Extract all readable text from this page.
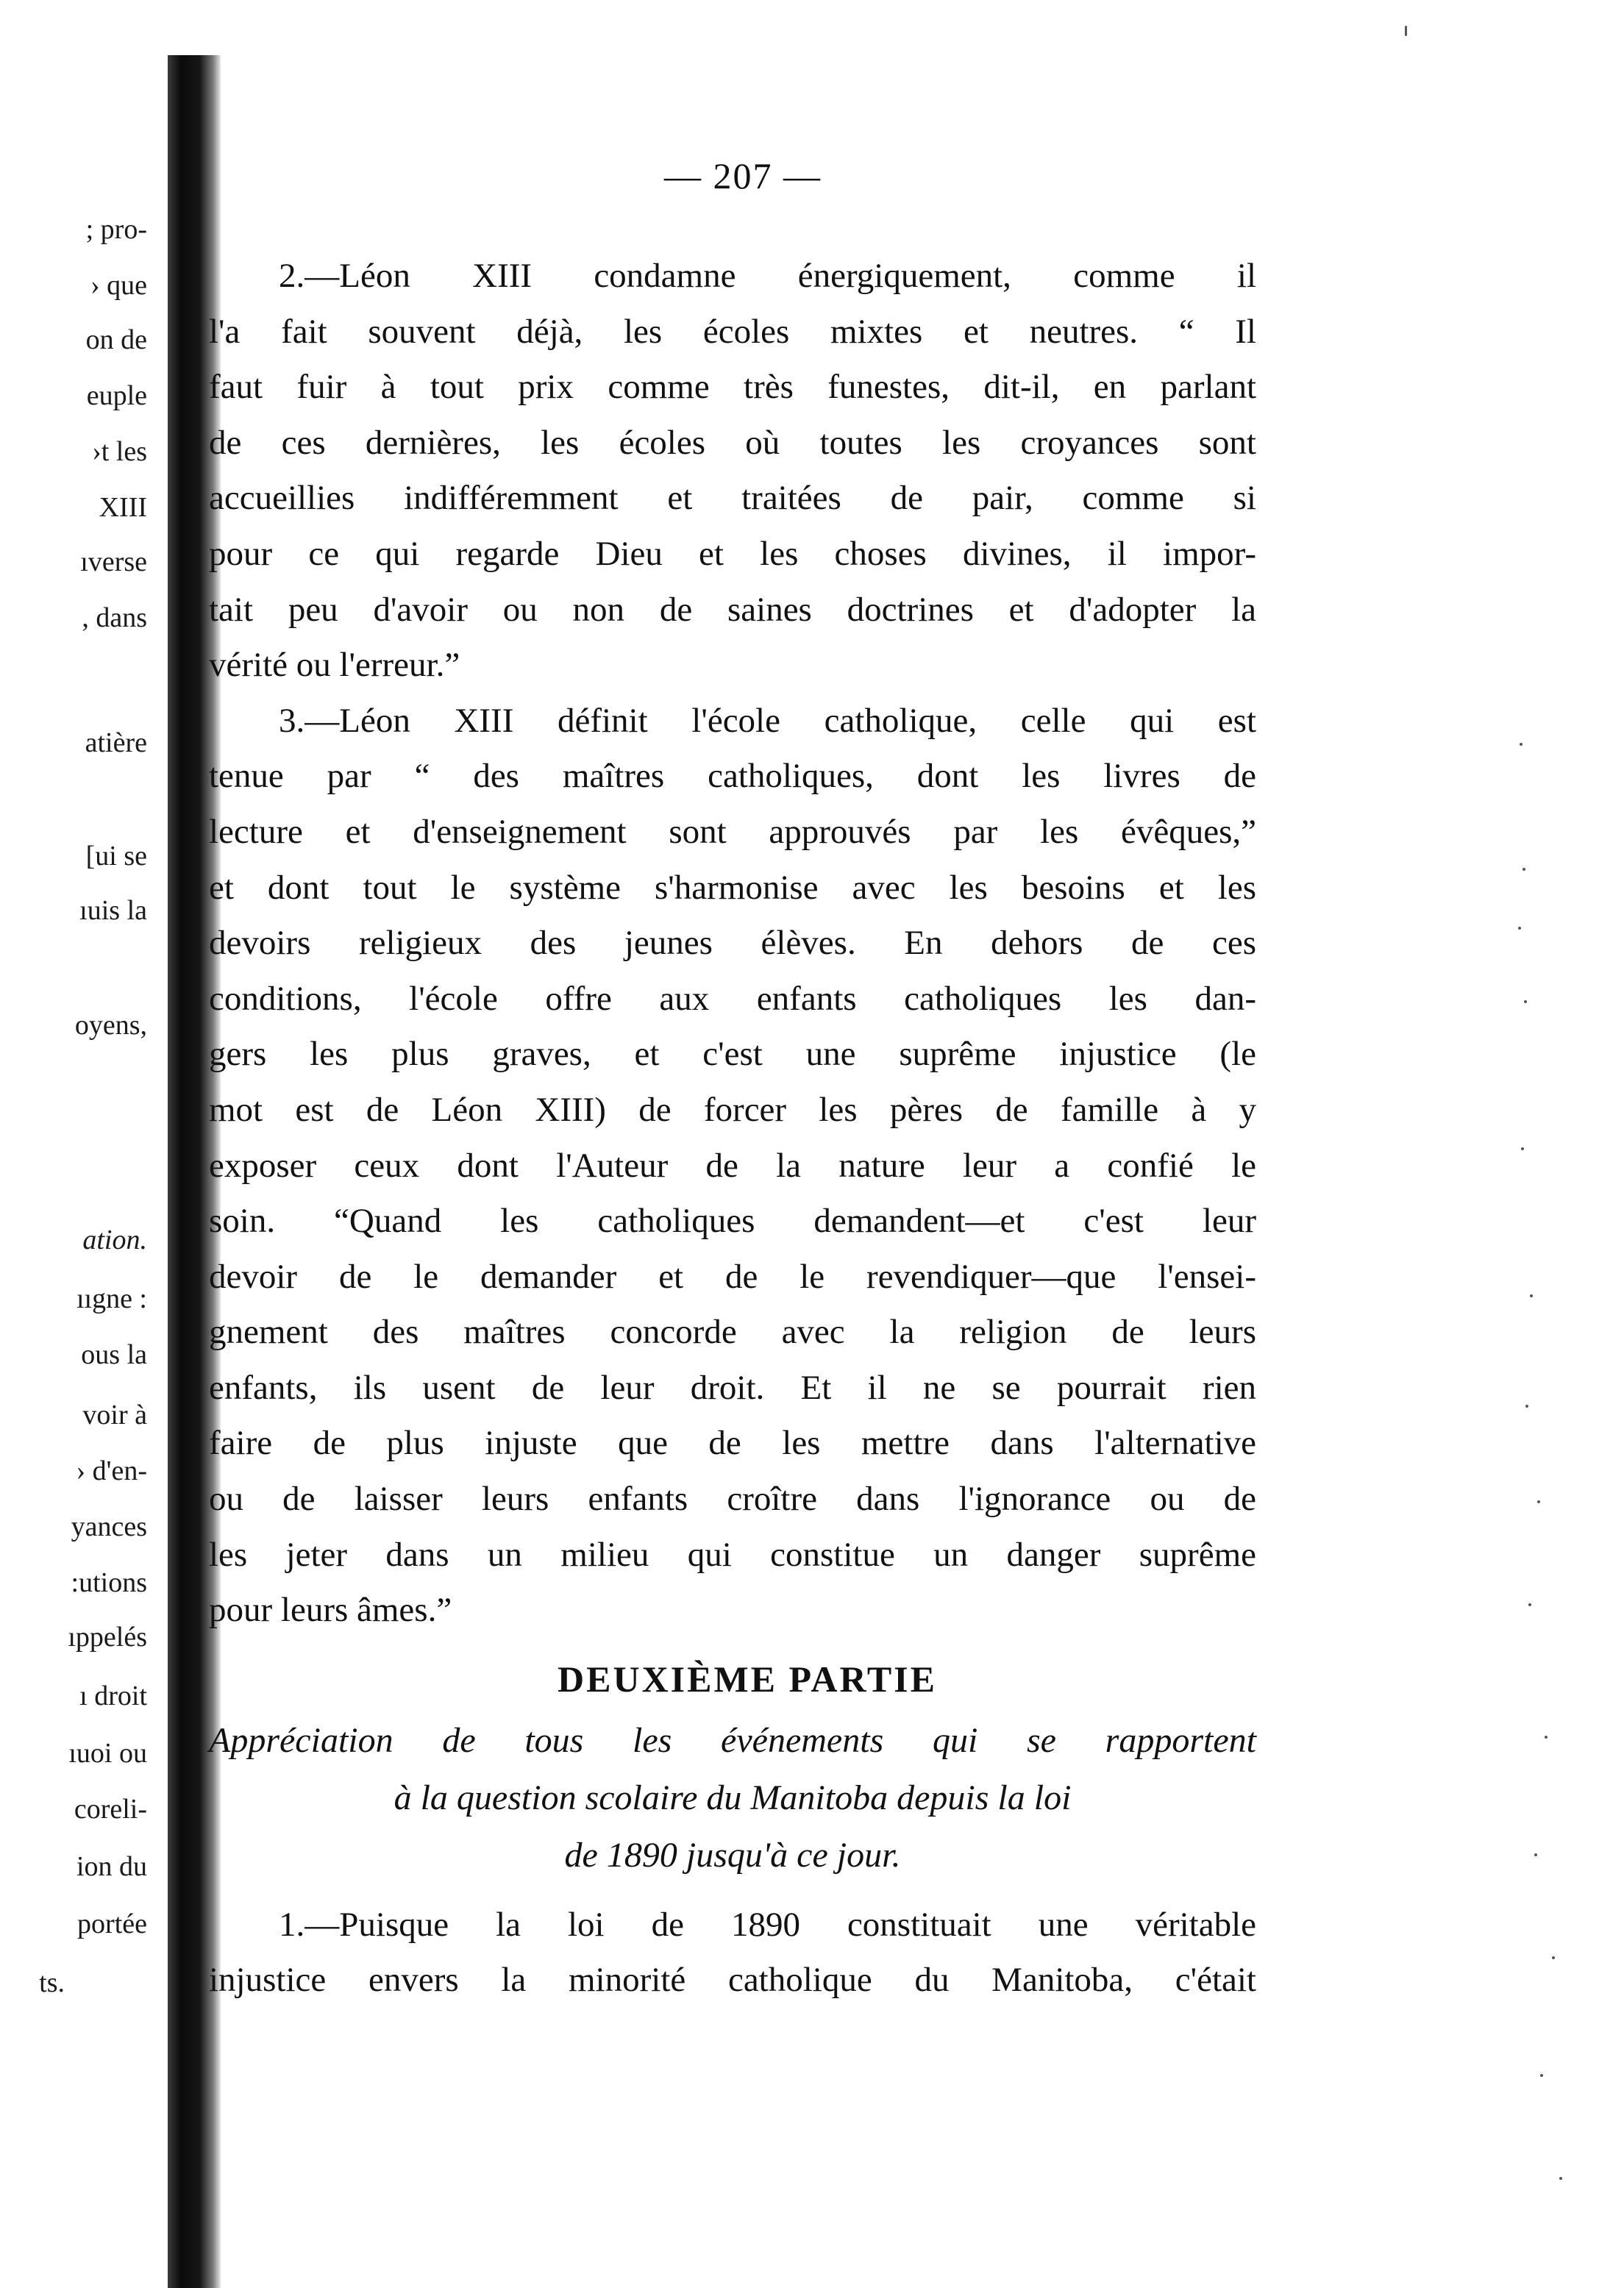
; pro-
› que
on de
euple
›t les
XIII
ıverse
, dans
atière
[ui se
ıuis la
oyens,
ation.
ııgne :
ous la
voir à
› d'en-
yances
:utions
ıppelés
ı droit
ıuoi ou
coreli-
ion du
portée
ts.
— 207 —

2.—Léon XIII condamne énergiquement, comme il
l'a fait souvent déjà, les écoles mixtes et neutres. “ Il
faut fuir à tout prix comme très funestes, dit-il, en parlant
de ces dernières, les écoles où toutes les croyances sont
accueillies indifféremment et traitées de pair, comme si
pour ce qui regarde Dieu et les choses divines, il impor-
tait peu d'avoir ou non de saines doctrines et d'adopter la
vérité ou l'erreur.”

3.—Léon XIII définit l'école catholique, celle qui est
tenue par “ des maîtres catholiques, dont les livres de
lecture et d'enseignement sont approuvés par les évêques,”
et dont tout le système s'harmonise avec les besoins et les
devoirs religieux des jeunes élèves. En dehors de ces
conditions, l'école offre aux enfants catholiques les dan-
gers les plus graves, et c'est une suprême injustice (le
mot est de Léon XIII) de forcer les pères de famille à y
exposer ceux dont l'Auteur de la nature leur a confié le
soin. “Quand les catholiques demandent—et c'est leur
devoir de le demander et de le revendiquer—que l'ensei-
gnement des maîtres concorde avec la religion de leurs
enfants, ils usent de leur droit. Et il ne se pourrait rien
faire de plus injuste que de les mettre dans l'alternative
ou de laisser leurs enfants croître dans l'ignorance ou de
les jeter dans un milieu qui constitue un danger suprême
pour leurs âmes.”

DEUXIÈME PARTIE
Appréciation de tous les événements qui se rapportent
à la question scolaire du Manitoba depuis la loi
de 1890 jusqu'à ce jour.

1.—Puisque la loi de 1890 constituait une véritable
injustice envers la minorité catholique du Manitoba, c'était
